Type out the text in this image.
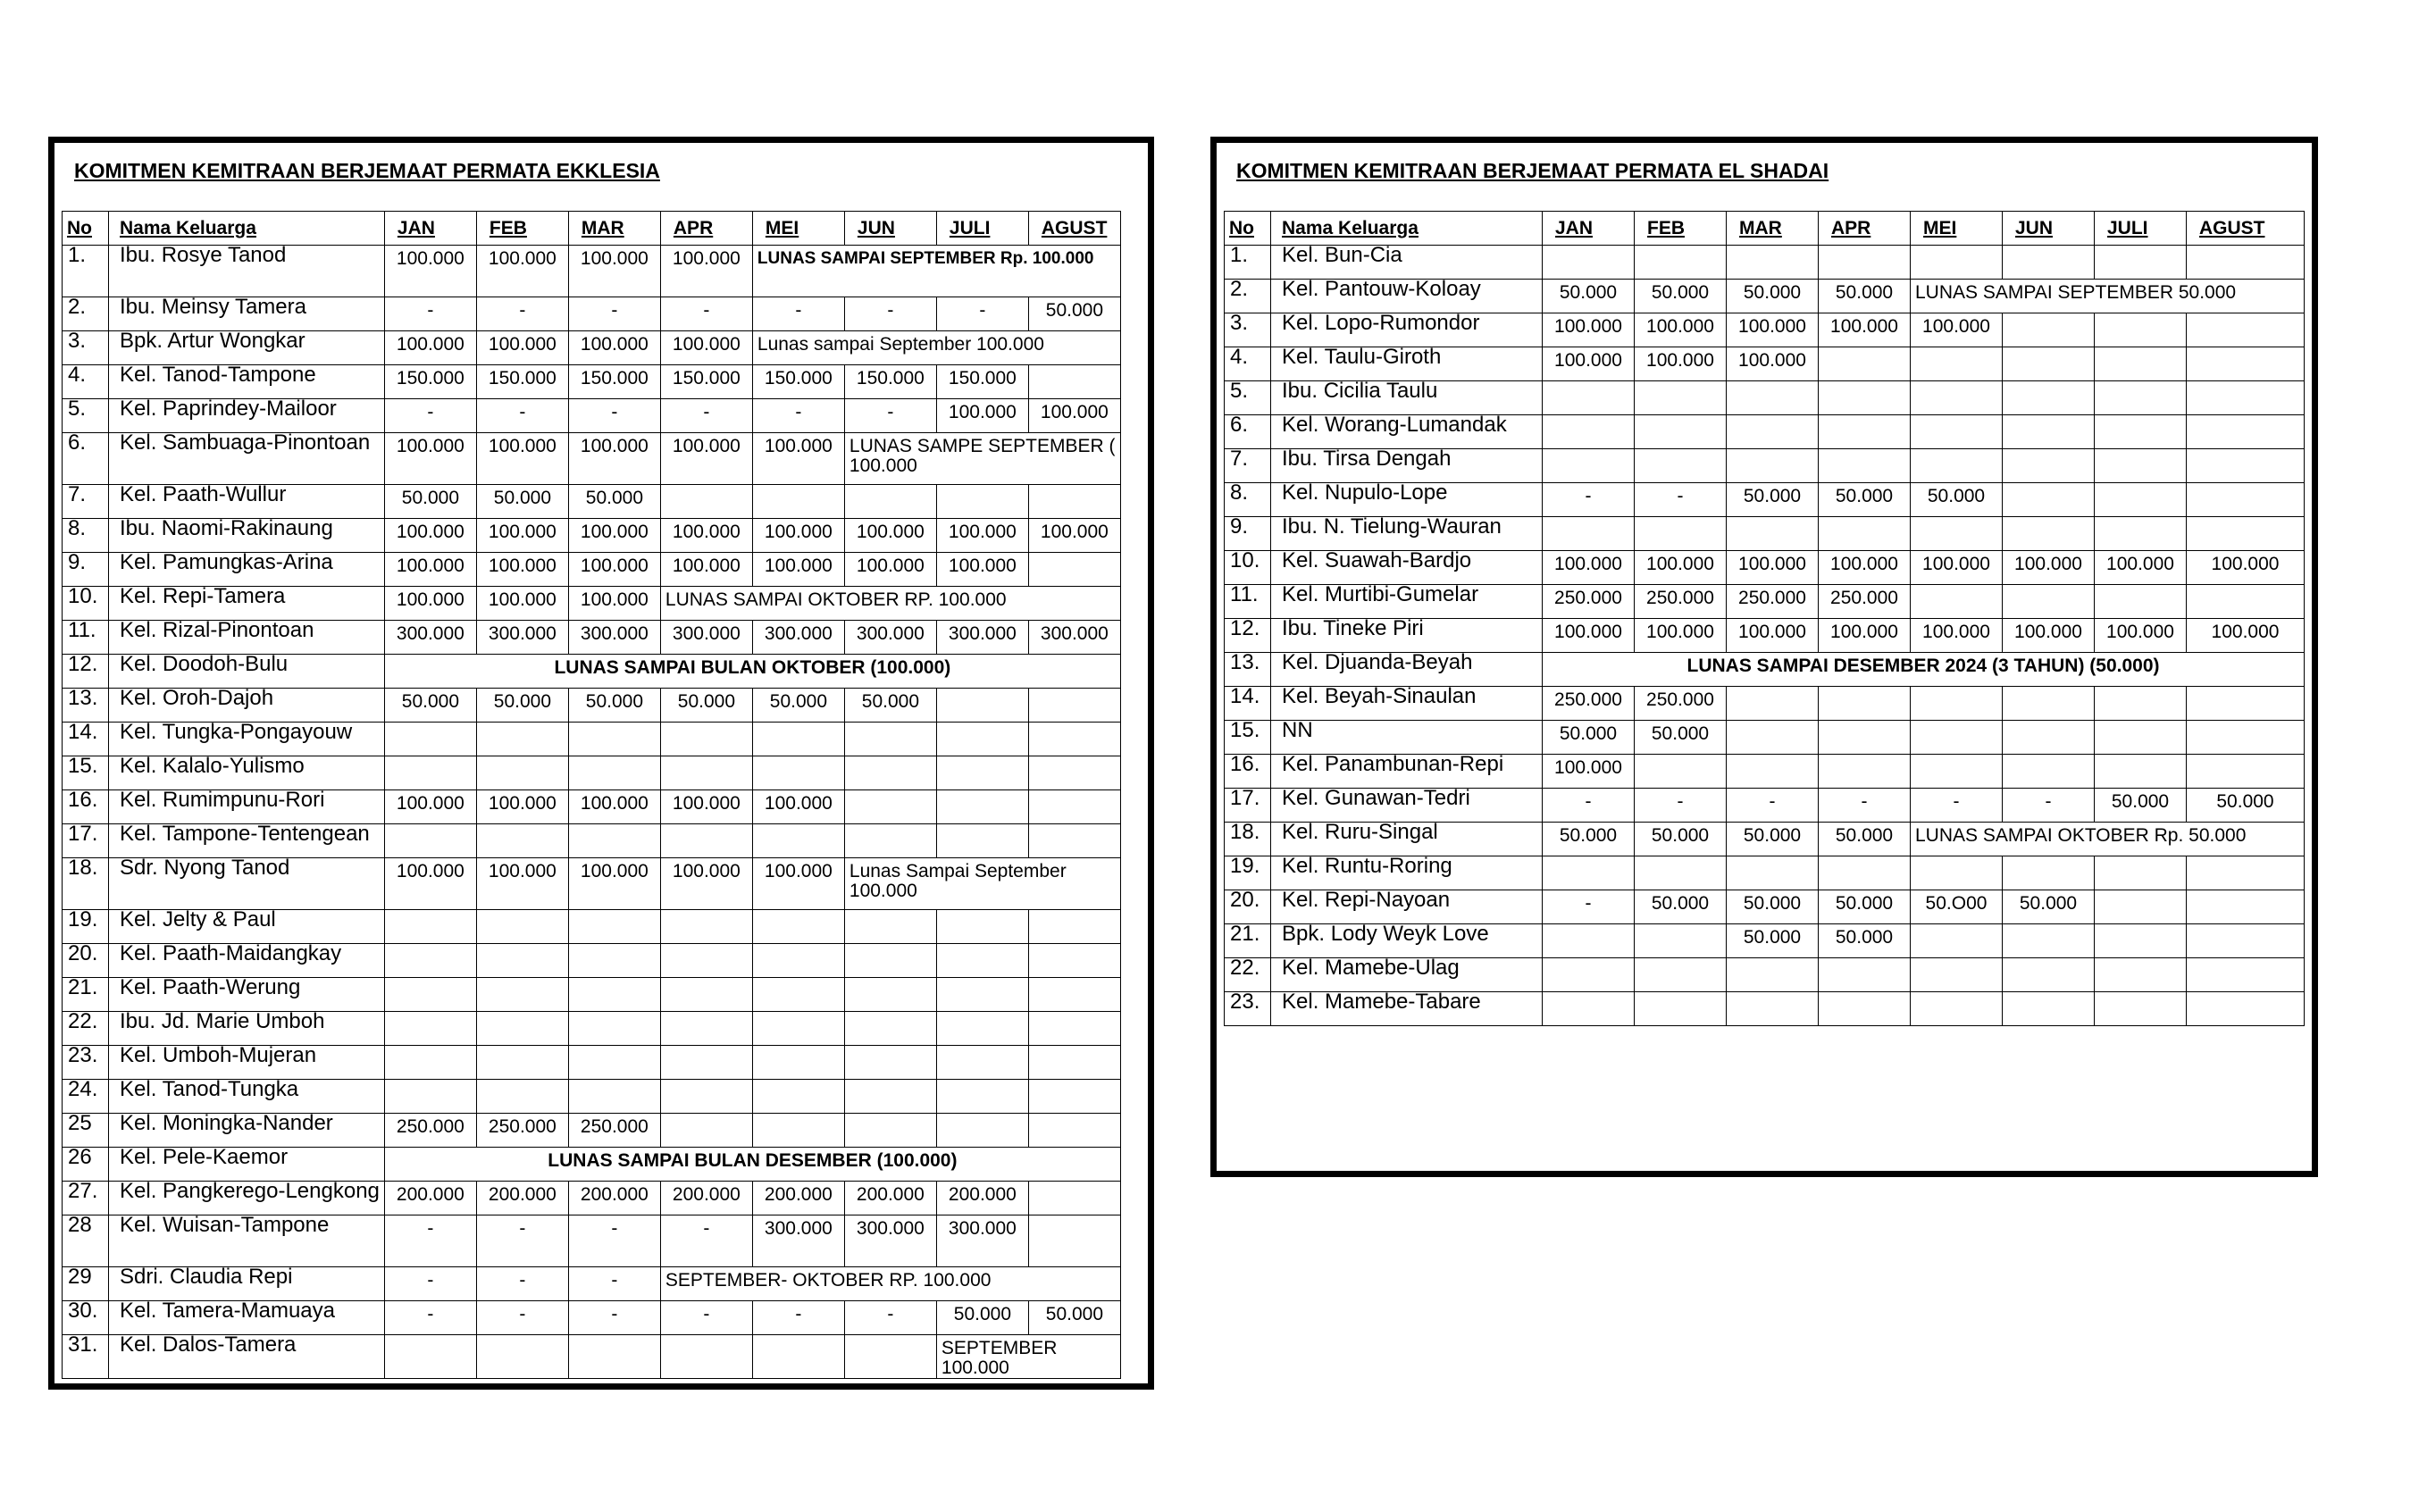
KOMITMEN KEMITRAAN BERJEMAAT PERMATA EKKLESIA
No	Nama Keluarga	JAN	FEB	MAR	APR	MEI	JUN	JULI	AGUST
1.	Ibu. Rosye Tanod	100.000	100.000	100.000	100.000	LUNAS SAMPAI SEPTEMBER Rp. 100.000			
2.	Ibu. Meinsy Tamera	-	-	-	-	-	-	-	50.000
3.	Bpk. Artur Wongkar	100.000	100.000	100.000	100.000	Lunas sampai September 100.000			
4.	Kel. Tanod-Tampone	150.000	150.000	150.000	150.000	150.000	150.000	150.000	
5.	Kel. Paprindey-Mailoor	-	-	-	-	-	-	100.000	100.000
6.	Kel. Sambuaga-Pinontoan	100.000	100.000	100.000	100.000	100.000	LUNAS SAMPE SEPTEMBER ( 100.000		
7.	Kel. Paath-Wullur	50.000	50.000	50.000					
8.	Ibu. Naomi-Rakinaung	100.000	100.000	100.000	100.000	100.000	100.000	100.000	100.000
9.	Kel. Pamungkas-Arina	100.000	100.000	100.000	100.000	100.000	100.000	100.000	
10.	Kel. Repi-Tamera	100.000	100.000	100.000	LUNAS SAMPAI OKTOBER RP. 100.000				
11.	Kel. Rizal-Pinontoan	300.000	300.000	300.000	300.000	300.000	300.000	300.000	300.000
12.	Kel. Doodoh-Bulu	LUNAS SAMPAI BULAN OKTOBER (100.000)							
13.	Kel. Oroh-Dajoh	50.000	50.000	50.000	50.000	50.000	50.000		
14.	Kel. Tungka-Pongayouw								
15.	Kel. Kalalo-Yulismo								
16.	Kel. Rumimpunu-Rori	100.000	100.000	100.000	100.000	100.000			
17.	Kel. Tampone-Tentengean								
18.	Sdr. Nyong Tanod	100.000	100.000	100.000	100.000	100.000	Lunas Sampai September 100.000		
19.	Kel. Jelty & Paul								
20.	Kel. Paath-Maidangkay								
21.	Kel. Paath-Werung								
22.	Ibu. Jd. Marie Umboh								
23.	Kel. Umboh-Mujeran								
24.	Kel. Tanod-Tungka								
25	Kel. Moningka-Nander	250.000	250.000	250.000					
26	Kel. Pele-Kaemor	LUNAS SAMPAI BULAN DESEMBER (100.000)							
27.	Kel. Pangkerego-Lengkong	200.000	200.000	200.000	200.000	200.000	200.000	200.000	
28	Kel. Wuisan-Tampone	-	-	-	-	300.000	300.000	300.000	
29	Sdri. Claudia Repi	-	-	-	SEPTEMBER- OKTOBER RP. 100.000				
30.	Kel. Tamera-Mamuaya	-	-	-	-	-	-	50.000	50.000
31.	Kel. Dalos-Tamera							SEPTEMBER 100.000	
KOMITMEN KEMITRAAN BERJEMAAT PERMATA EL SHADAI
No	Nama Keluarga	JAN	FEB	MAR	APR	MEI	JUN	JULI	AGUST
1.	Kel. Bun-Cia								
2.	Kel. Pantouw-Koloay	50.000	50.000	50.000	50.000	LUNAS SAMPAI SEPTEMBER 50.000			
3.	Kel. Lopo-Rumondor	100.000	100.000	100.000	100.000	100.000			
4.	Kel. Taulu-Giroth	100.000	100.000	100.000					
5.	Ibu. Cicilia Taulu								
6.	Kel. Worang-Lumandak								
7.	Ibu. Tirsa Dengah								
8.	Kel. Nupulo-Lope	-	-	50.000	50.000	50.000			
9.	Ibu. N. Tielung-Wauran								
10.	Kel. Suawah-Bardjo	100.000	100.000	100.000	100.000	100.000	100.000	100.000	100.000
11.	Kel. Murtibi-Gumelar	250.000	250.000	250.000	250.000				
12.	Ibu. Tineke Piri	100.000	100.000	100.000	100.000	100.000	100.000	100.000	100.000
13.	Kel. Djuanda-Beyah	LUNAS SAMPAI DESEMBER 2024 (3 TAHUN) (50.000)							
14.	Kel. Beyah-Sinaulan	250.000	250.000						
15.	NN	50.000	50.000						
16.	Kel. Panambunan-Repi	100.000							
17.	Kel. Gunawan-Tedri	-	-	-	-	-	-	50.000	50.000
18.	Kel. Ruru-Singal	50.000	50.000	50.000	50.000	LUNAS SAMPAI OKTOBER Rp. 50.000			
19.	Kel. Runtu-Roring								
20.	Kel. Repi-Nayoan	-	50.000	50.000	50.000	50.O00	50.000		
21.	Bpk. Lody Weyk Love			50.000	50.000				
22.	Kel. Mamebe-Ulag								
23.	Kel. Mamebe-Tabare								
